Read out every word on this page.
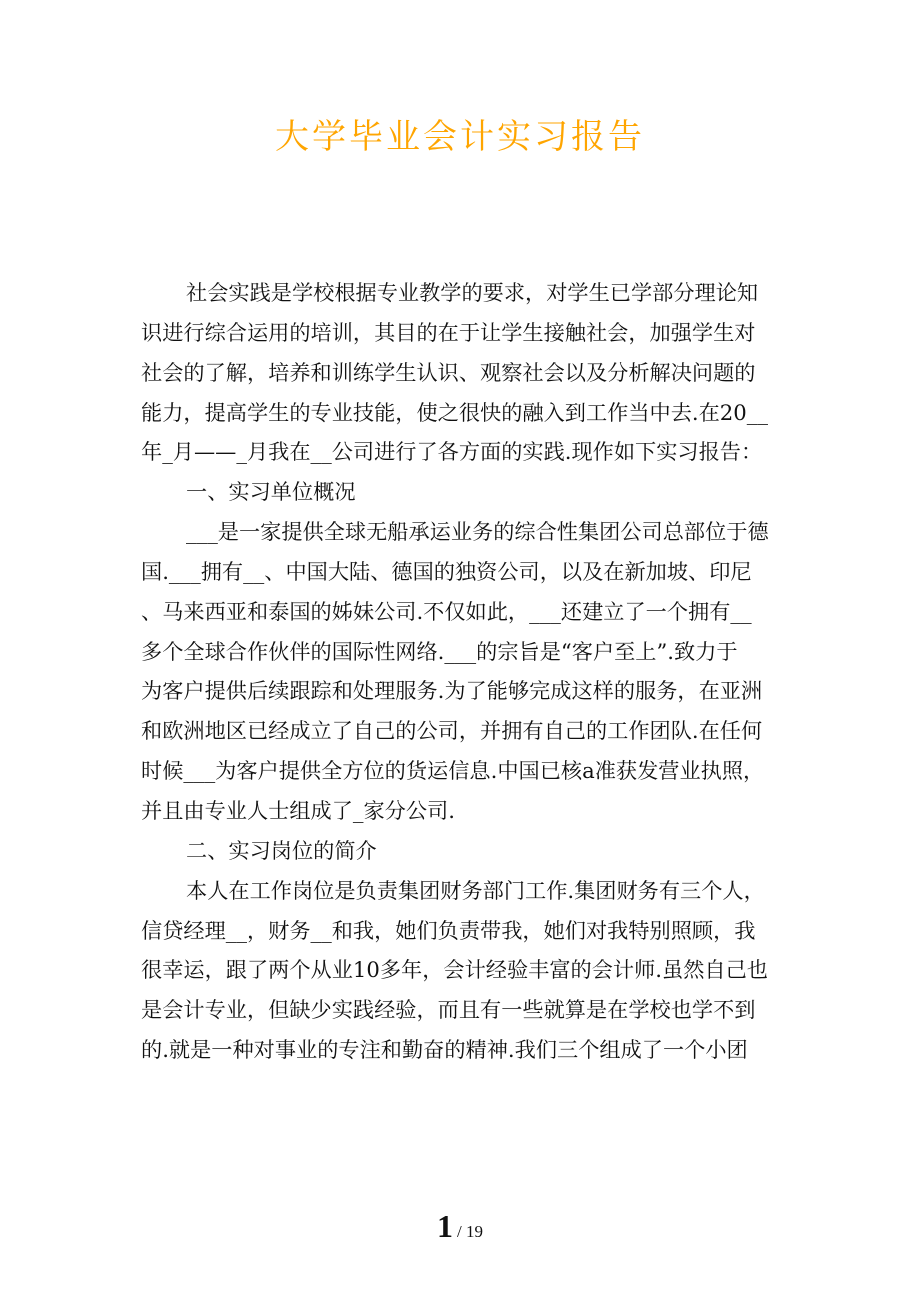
大学毕业会计实习报告
社会实践是学校根据专业教学的要求，对学生已学部分理论知
识进行综合运用的培训，其目的在于让学生接触社会，加强学生对
社会的了解，培养和训练学生认识、观察社会以及分析解决问题的
能力，提高学生的专业技能，使之很快的融入到工作当中去.在20__
年_月——_月我在__公司进行了各方面的实践.现作如下实习报告：
一、实习单位概况
___是一家提供全球无船承运业务的综合性集团公司总部位于德
国.___拥有__、中国大陆、德国的独资公司，以及在新加坡、印尼
、马来西亚和泰国的姊妹公司.不仅如此，___还建立了一个拥有__
多个全球合作伙伴的国际性网络.___的宗旨是“客户至上”.致力于
为客户提供后续跟踪和处理服务.为了能够完成这样的服务，在亚洲
和欧洲地区已经成立了自己的公司，并拥有自己的工作团队.在任何
时候___为客户提供全方位的货运信息.中国已核a准获发营业执照，
并且由专业人士组成了_家分公司.
二、实习岗位的简介
本人在工作岗位是负责集团财务部门工作.集团财务有三个人，
信贷经理__，财务__和我，她们负责带我，她们对我特别照顾，我
很幸运，跟了两个从业10多年，会计经验丰富的会计师.虽然自己也
是会计专业，但缺少实践经验，而且有一些就算是在学校也学不到
的.就是一种对事业的专注和勤奋的精神.我们三个组成了一个小团
1 / 19
